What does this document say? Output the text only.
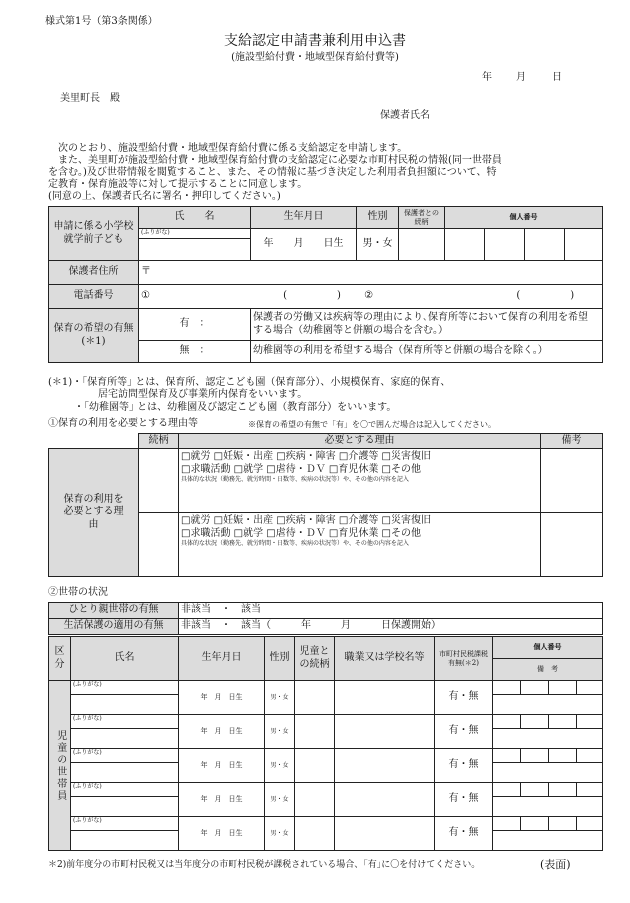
様式第1号（第3条関係）
支給認定申請書兼利用申込書
(施設型給付費・地域型保育給付費等)
年 月	日
美里町長　殿
保護者氏名
次のとおり、施設型給付費・地域型保育給付費に係る支給認定を申請します。
また、美里町が施設型給付費・地域型保育給付費の支給認定に必要な市町村民税の情報(同一世帯員
を含む。)及び世帯情報を閲覧すること、また、その情報に基づき決定した利用者負担額について、特
定教育・保育施設等に対して提示することに同意します。
(同意の上、保護者氏名に署名・押印してください。)
申請に係る小学校就学前子ども	氏　　名	生年月日	性別	保護者との続柄	個人番号			
	(ふりがな)	年　　月　　日生	男・女					

保護者住所	〒							
電話番号	① (　　　　　) ② (　　　　　)							
保育の希望の有無(＊1)	有　：	保護者の労働又は疾病等の理由により､保育所等において保育の利用を希望
する場合（幼稚園等と併願の場合を含む。）						

	無　：	幼稚園等の利用を希望する場合（保育所等と併願の場合を除く。）						
(＊1)・｢保育所等｣ とは、保育所、認定こども園（保育部分）、小規模保育、家庭的保育、
居宅訪問型保育及び事業所内保育をいいます。
・｢幼稚園等｣ とは、幼稚園及び認定こども園（教育部分）をいいます。
①保育の利用を必要とする理由等	※保育の希望の有無で「有」を〇で囲んだ場合は記入してください。
	続柄	必要とする理由	備考
保育の利用を必要とする理由		□就労 □妊娠・出産 □疾病・障害 □介護等 □災害復旧
□求職活動 □就学 □虐待・ＤＶ □育児休業 □その他
具体的な状況（勤務先、就労時間・日数等、疾病の状況等）や、その他の内容を記入	

		□就労 □妊娠・出産 □疾病・障害 □介護等 □災害復旧
□求職活動 □就学 □虐待・ＤＶ □育児休業 □その他
具体的な状況（勤務先、就労時間・日数等、疾病の状況等）や、その他の内容を記入	

②世帯の状況
ひとり親世帯の有無	非該当　・　該当
生活保護の適用の有無	非該当　・　該当（　　　年　　　月　　　日保護開始）
区分	氏名	生年月日	性別	児童との続柄	職業又は学校名等	市町村民税課税有無(＊2)	個人番号			
							備　考			
児童の世帯員	(ふりがな)	年　月　日生	男・女			有・無				

	(ふりがな)	年　月　日生	男・女			有・無				

	(ふりがな)	年　月　日生	男・女			有・無				

	(ふりがな)	年　月　日生	男・女			有・無				

	(ふりがな)	年　月　日生	男・女			有・無				

＊2)前年度分の市町村民税又は当年度分の市町村民税が課税されている場合、｢有｣に〇を付けてください。	(表面)
